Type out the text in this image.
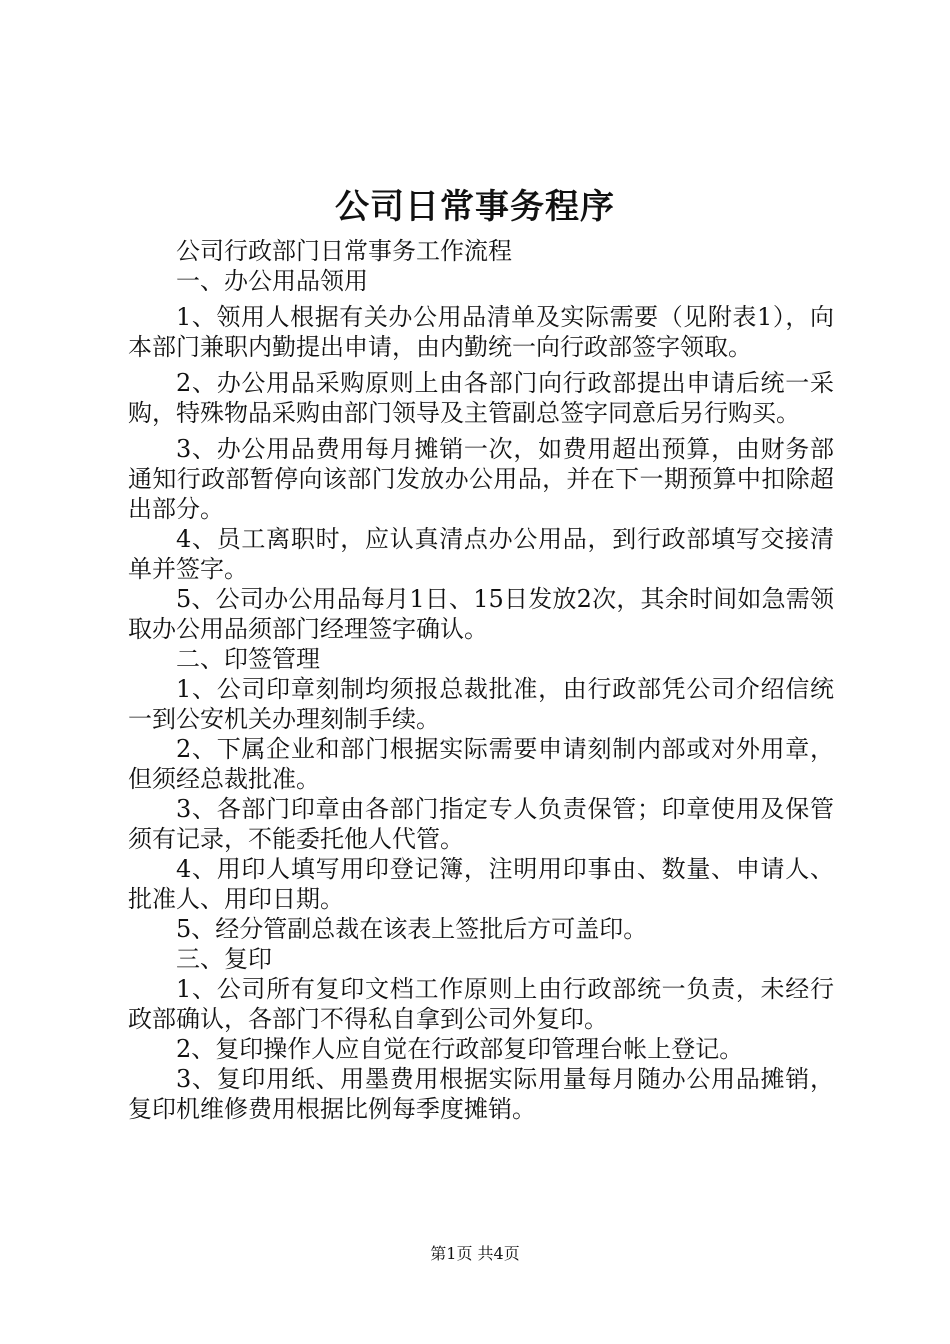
公司日常事务程序

公司行政部门日常事务工作流程

一、办公用品领用

1、领用人根据有关办公用品清单及实际需要（见附表1），向本部门兼职内勤提出申请，由内勤统一向行政部签字领取。

2、办公用品采购原则上由各部门向行政部提出申请后统一采购，特殊物品采购由部门领导及主管副总签字同意后另行购买。

3、办公用品费用每月摊销一次，如费用超出预算，由财务部通知行政部暂停向该部门发放办公用品，并在下一期预算中扣除超出部分。

4、员工离职时，应认真清点办公用品，到行政部填写交接清单并签字。

5、公司办公用品每月1日、15日发放2次，其余时间如急需领取办公用品须部门经理签字确认。

二、印签管理

1、公司印章刻制均须报总裁批准，由行政部凭公司介绍信统一到公安机关办理刻制手续。

2、下属企业和部门根据实际需要申请刻制内部或对外用章，但须经总裁批准。

3、各部门印章由各部门指定专人负责保管；印章使用及保管须有记录，不能委托他人代管。

4、用印人填写用印登记簿，注明用印事由、数量、申请人、批准人、用印日期。

5、经分管副总裁在该表上签批后方可盖印。

三、复印

1、公司所有复印文档工作原则上由行政部统一负责，未经行政部确认，各部门不得私自拿到公司外复印。

2、复印操作人应自觉在行政部复印管理台帐上登记。

3、复印用纸、用墨费用根据实际用量每月随办公用品摊销，复印机维修费用根据比例每季度摊销。

第1页 共4页
